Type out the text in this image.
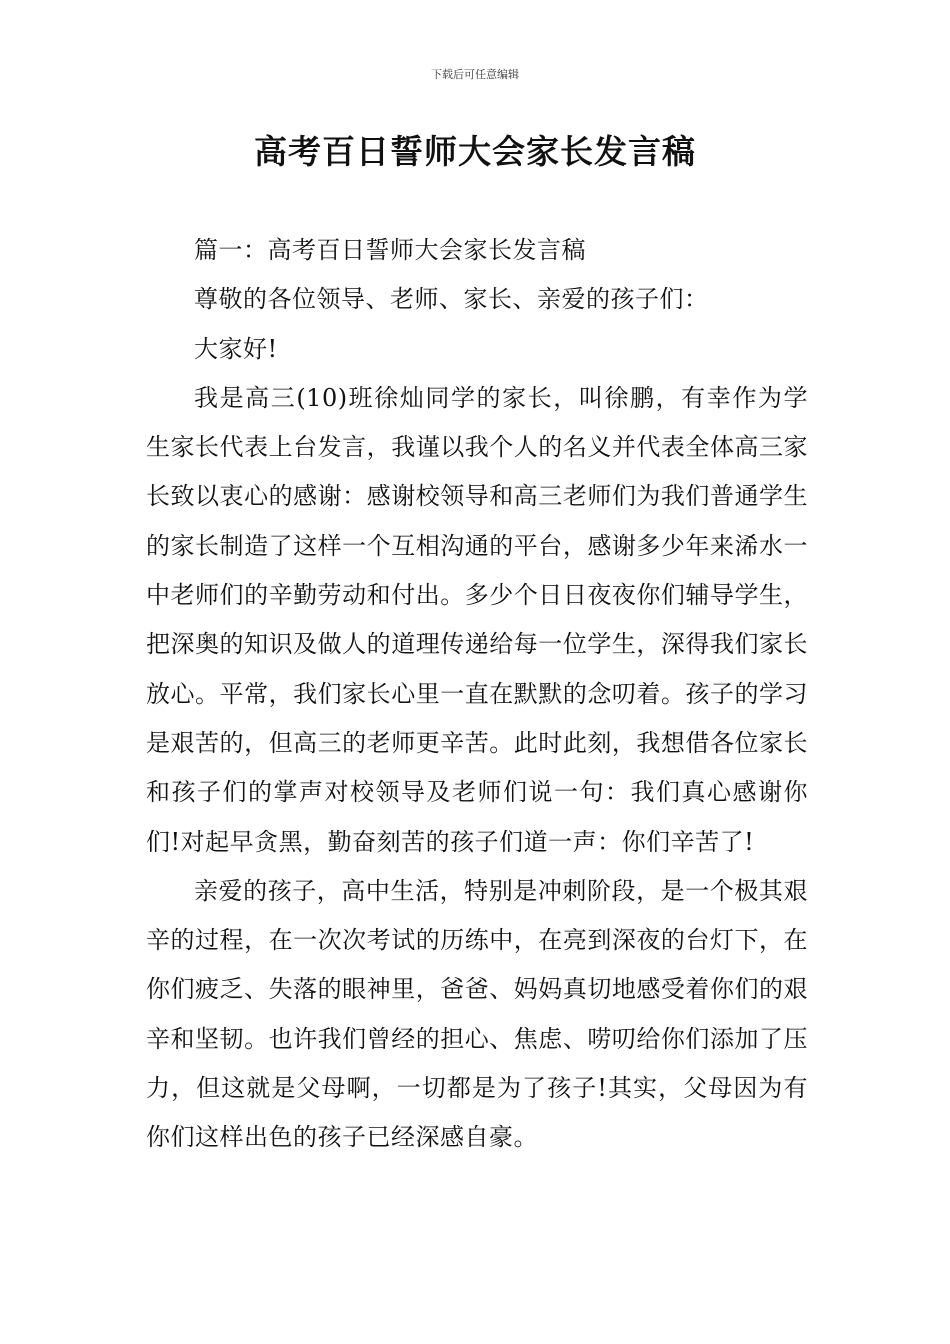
下载后可任意编辑
高考百日誓师大会家长发言稿

篇一：高考百日誓师大会家长发言稿

尊敬的各位领导、老师、家长、亲爱的孩子们：

大家好!

我是高三(10)班徐灿同学的家长，叫徐鹏，有幸作为学生家长代表上台发言，我谨以我个人的名义并代表全体高三家长致以衷心的感谢：感谢校领导和高三老师们为我们普通学生的家长制造了这样一个互相沟通的平台，感谢多少年来浠水一中老师们的辛勤劳动和付出。多少个日日夜夜你们辅导学生，把深奥的知识及做人的道理传递给每一位学生，深得我们家长放心。平常，我们家长心里一直在默默的念叨着。孩子的学习是艰苦的，但高三的老师更辛苦。此时此刻，我想借各位家长和孩子们的掌声对校领导及老师们说一句：我们真心感谢你们!对起早贪黑，勤奋刻苦的孩子们道一声：你们辛苦了!

亲爱的孩子，高中生活，特别是冲刺阶段，是一个极其艰辛的过程，在一次次考试的历练中，在亮到深夜的台灯下，在你们疲乏、失落的眼神里，爸爸、妈妈真切地感受着你们的艰辛和坚韧。也许我们曾经的担心、焦虑、唠叨给你们添加了压力，但这就是父母啊，一切都是为了孩子!其实，父母因为有你们这样出色的孩子已经深感自豪。
